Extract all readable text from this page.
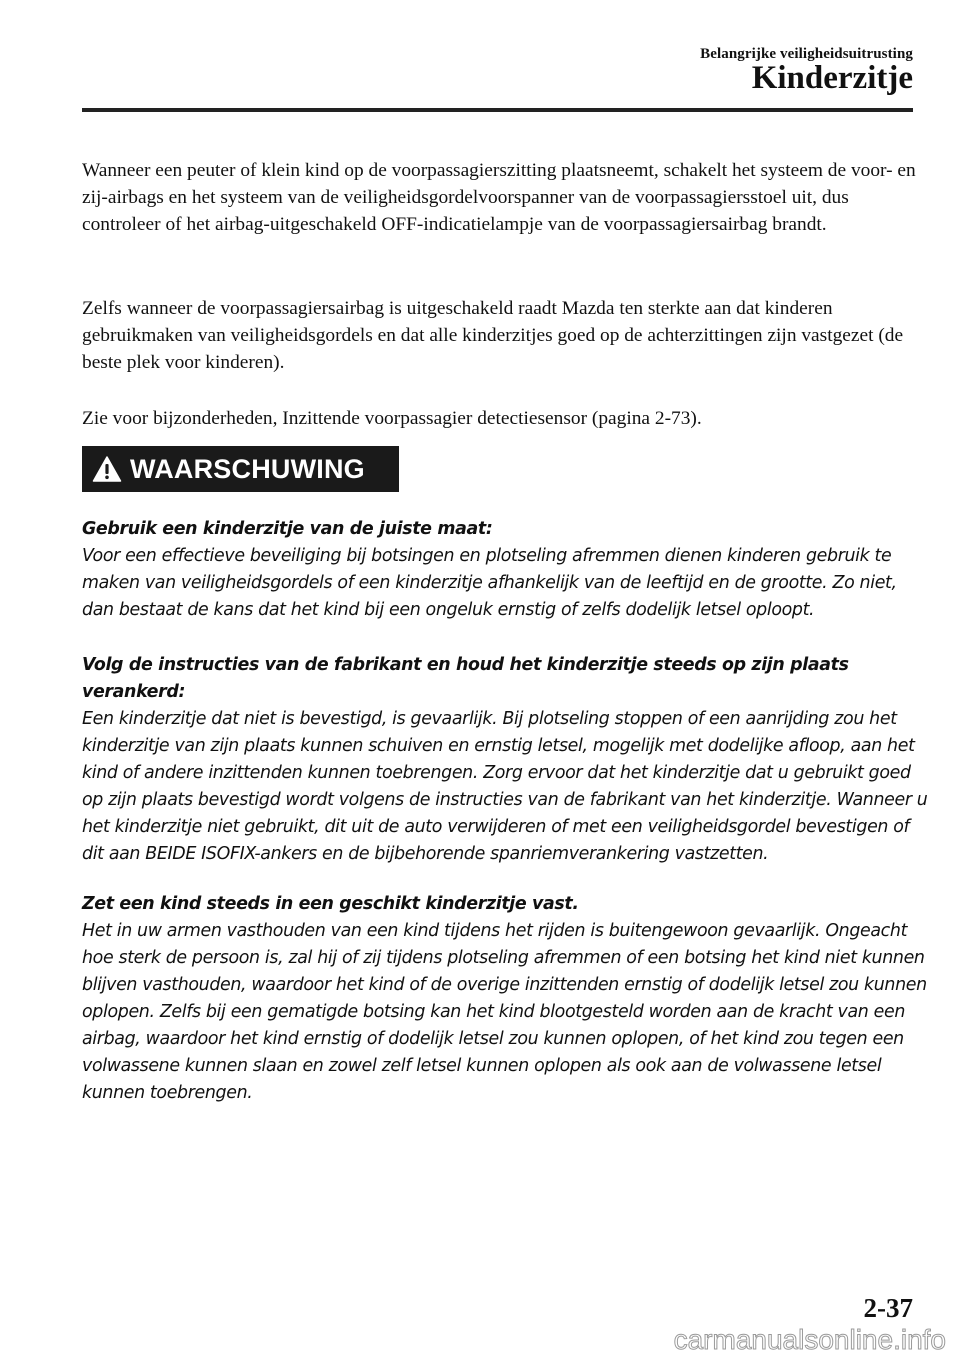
Belangrijke veiligheidsuitrusting
Kinderzitje

Wanneer een peuter of klein kind op de voorpassagierszitting plaatsneemt, schakelt het systeem de voor- en zij-airbags en het systeem van de veiligheidsgordelvoorspanner van de voorpassagiersstoel uit, dus controleer of het airbag-uitgeschakeld OFF-indicatielampje van de voorpassagiersairbag brandt.

Zelfs wanneer de voorpassagiersairbag is uitgeschakeld raadt Mazda ten sterkte aan dat kinderen gebruikmaken van veiligheidsgordels en dat alle kinderzitjes goed op de achterzittingen zijn vastgezet (de beste plek voor kinderen).

Zie voor bijzonderheden, Inzittende voorpassagier detectiesensor (pagina 2-73).

WAARSCHUWING

Gebruik een kinderzitje van de juiste maat:

Voor een effectieve beveiliging bij botsingen en plotseling afremmen dienen kinderen gebruik te maken van veiligheidsgordels of een kinderzitje afhankelijk van de leeftijd en de grootte. Zo niet, dan bestaat de kans dat het kind bij een ongeluk ernstig of zelfs dodelijk letsel oploopt.

Volg de instructies van de fabrikant en houd het kinderzitje steeds op zijn plaats verankerd:

Een kinderzitje dat niet is bevestigd, is gevaarlijk. Bij plotseling stoppen of een aanrijding zou het kinderzitje van zijn plaats kunnen schuiven en ernstig letsel, mogelijk met dodelijke afloop, aan het kind of andere inzittenden kunnen toebrengen. Zorg ervoor dat het kinderzitje dat u gebruikt goed op zijn plaats bevestigd wordt volgens de instructies van de fabrikant van het kinderzitje. Wanneer u het kinderzitje niet gebruikt, dit uit de auto verwijderen of met een veiligheidsgordel bevestigen of dit aan BEIDE ISOFIX-ankers en de bijbehorende spanriemverankering vastzetten.

Zet een kind steeds in een geschikt kinderzitje vast.

Het in uw armen vasthouden van een kind tijdens het rijden is buitengewoon gevaarlijk. Ongeacht hoe sterk de persoon is, zal hij of zij tijdens plotseling afremmen of een botsing het kind niet kunnen blijven vasthouden, waardoor het kind of de overige inzittenden ernstig of dodelijk letsel zou kunnen oplopen. Zelfs bij een gematigde botsing kan het kind blootgesteld worden aan de kracht van een airbag, waardoor het kind ernstig of dodelijk letsel zou kunnen oplopen, of het kind zou tegen een volwassene kunnen slaan en zowel zelf letsel kunnen oplopen als ook aan de volwassene letsel kunnen toebrengen.

2-37
carmanualsonline.info
